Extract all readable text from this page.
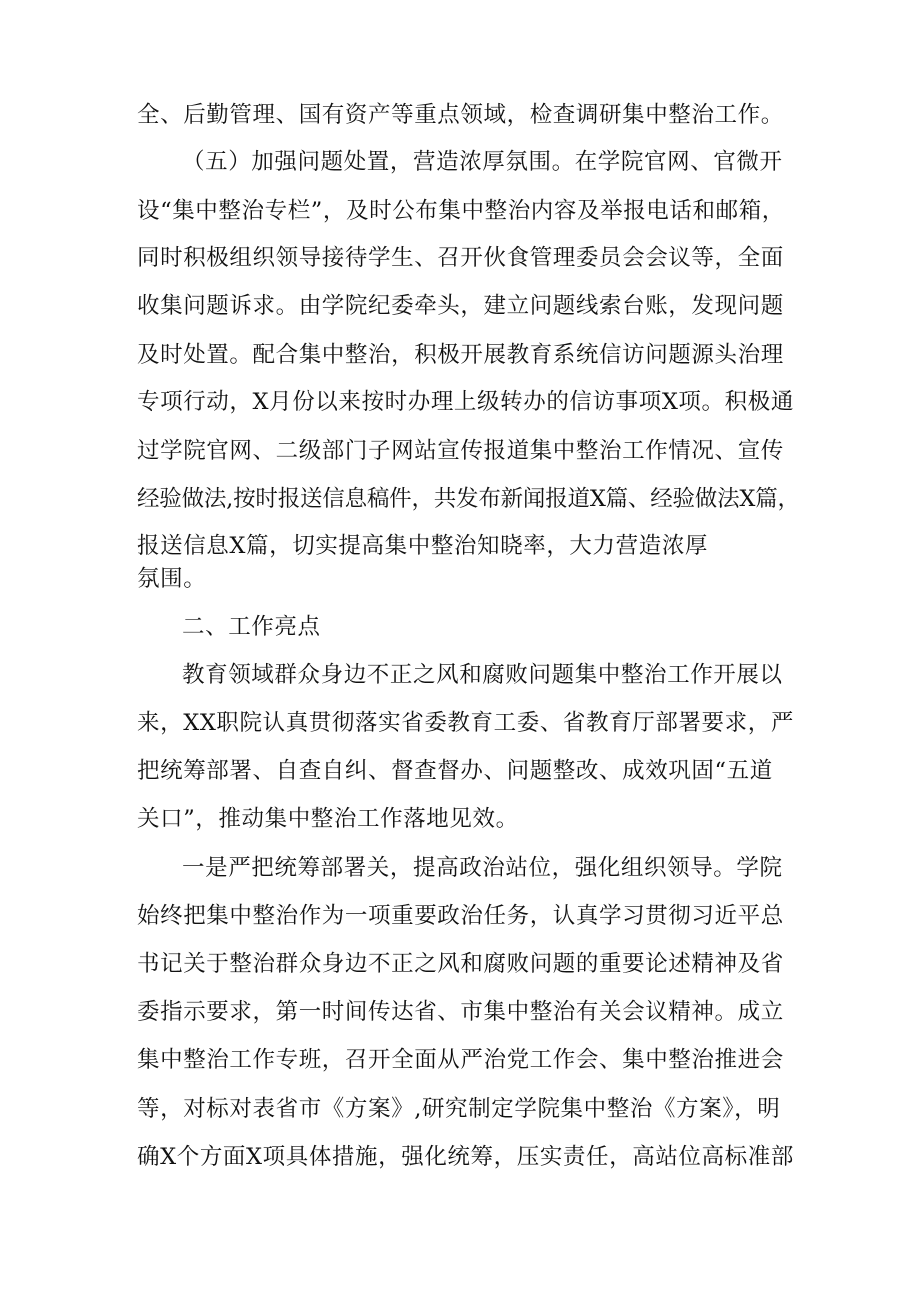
全、后勤管理、国有资产等重点领域，检查调研集中整治工作。
（五）加强问题处置，营造浓厚氛围。在学院官网、官微开
设“集中整治专栏”，及时公布集中整治内容及举报电话和邮箱，
同时积极组织领导接待学生、召开伙食管理委员会会议等，全面
收集问题诉求。由学院纪委牵头，建立问题线索台账，发现问题
及时处置。配合集中整治，积极开展教育系统信访问题源头治理
专项行动，X月份以来按时办理上级转办的信访事项X项。积极通
过学院官网、二级部门子网站宣传报道集中整治工作情况、宣传
经验做法,按时报送信息稿件，共发布新闻报道X篇、经验做法X篇，
报送信息X篇，切实提高集中整治知晓率，大力营造浓厚
氛围。
二、工作亮点
教育领域群众身边不正之风和腐败问题集中整治工作开展以
来，XX职院认真贯彻落实省委教育工委、省教育厅部署要求，严
把统筹部署、自查自纠、督查督办、问题整改、成效巩固“五道
关口”，推动集中整治工作落地见效。
一是严把统筹部署关，提高政治站位，强化组织领导。学院
始终把集中整治作为一项重要政治任务，认真学习贯彻习近平总
书记关于整治群众身边不正之风和腐败问题的重要论述精神及省
委指示要求，第一时间传达省、市集中整治有关会议精神。成立
集中整治工作专班，召开全面从严治党工作会、集中整治推进会
等，对标对表省市《方案》,研究制定学院集中整治《方案》，明
确X个方面X项具体措施，强化统筹，压实责任，高站位高标准部
